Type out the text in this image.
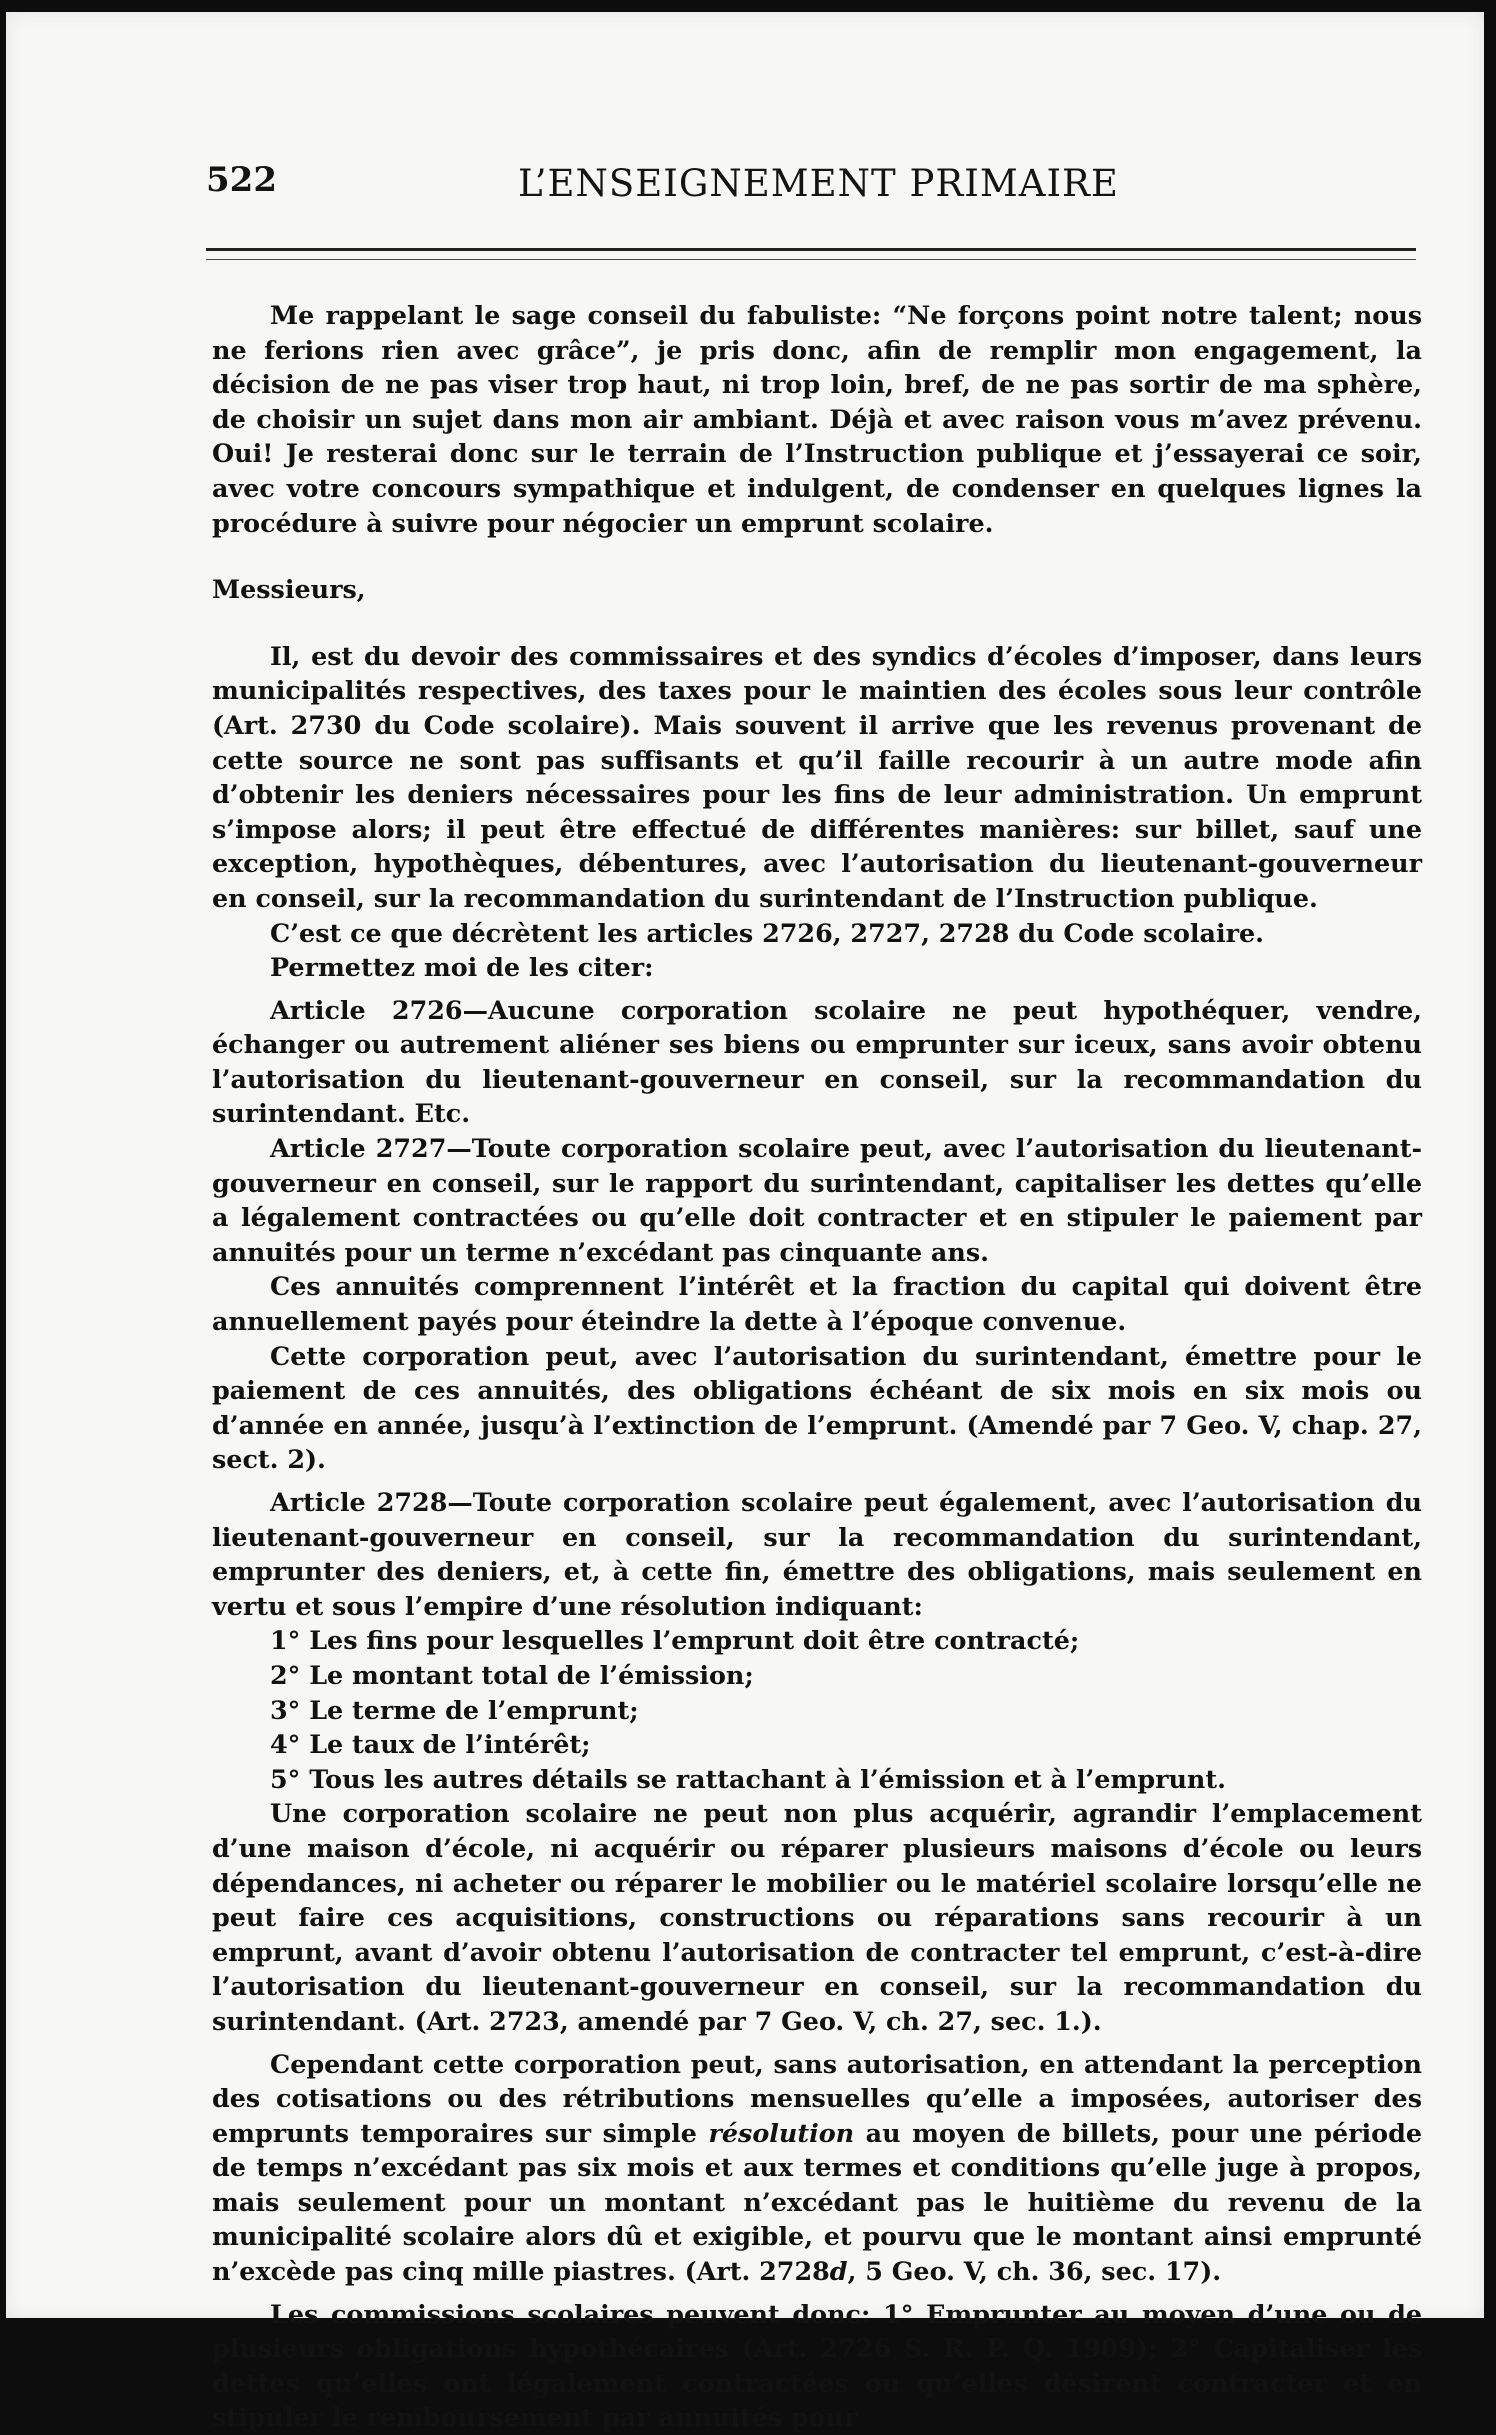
522	L’ENSEIGNEMENT PRIMAIRE

Me rappelant le sage conseil du fabuliste: “Ne forçons point notre talent; nous ne ferions rien avec grâce”, je pris donc, afin de remplir mon engagement, la décision de ne pas viser trop haut, ni trop loin, bref, de ne pas sortir de ma sphère, de choisir un sujet dans mon air ambiant. Déjà et avec raison vous m’avez prévenu. Oui! Je resterai donc sur le terrain de l’Instruction publique et j’essayerai ce soir, avec votre concours sympathique et indulgent, de condenser en quelques lignes la procédure à suivre pour négocier un emprunt scolaire.

Messieurs,

Il, est du devoir des commissaires et des syndics d’écoles d’imposer, dans leurs municipalités respectives, des taxes pour le maintien des écoles sous leur contrôle (Art. 2730 du Code scolaire). Mais souvent il arrive que les revenus provenant de cette source ne sont pas suffisants et qu’il faille recourir à un autre mode afin d’obtenir les deniers nécessaires pour les fins de leur administration. Un emprunt s’impose alors; il peut être effectué de différentes manières: sur billet, sauf une exception, hypothèques, débentures, avec l’autorisation du lieutenant-gouverneur en conseil, sur la recommandation du surintendant de l’Instruction publique.

C’est ce que décrètent les articles 2726, 2727, 2728 du Code scolaire.

Permettez moi de les citer:

Article 2726—Aucune corporation scolaire ne peut hypothéquer, vendre, échanger ou autrement aliéner ses biens ou emprunter sur iceux, sans avoir obtenu l’autorisation du lieutenant-gouverneur en conseil, sur la recommandation du surintendant. Etc.

Article 2727—Toute corporation scolaire peut, avec l’autorisation du lieutenant-gouverneur en conseil, sur le rapport du surintendant, capitaliser les dettes qu’elle a légalement contractées ou qu’elle doit contracter et en stipuler le paiement par annuités pour un terme n’excédant pas cinquante ans.

Ces annuités comprennent l’intérêt et la fraction du capital qui doivent être annuellement payés pour éteindre la dette à l’époque convenue.

Cette corporation peut, avec l’autorisation du surintendant, émettre pour le paiement de ces annuités, des obligations échéant de six mois en six mois ou d’année en année, jusqu’à l’extinction de l’emprunt. (Amendé par 7 Geo. V, chap. 27, sect. 2).

Article 2728—Toute corporation scolaire peut également, avec l’autorisation du lieutenant-gouverneur en conseil, sur la recommandation du surintendant, emprunter des deniers, et, à cette fin, émettre des obligations, mais seulement en vertu et sous l’empire d’une résolution indiquant:

1° Les fins pour lesquelles l’emprunt doit être contracté;
2° Le montant total de l’émission;
3° Le terme de l’emprunt;
4° Le taux de l’intérêt;
5° Tous les autres détails se rattachant à l’émission et à l’emprunt.

Une corporation scolaire ne peut non plus acquérir, agrandir l’emplacement d’une maison d’école, ni acquérir ou réparer plusieurs maisons d’école ou leurs dépendances, ni acheter ou réparer le mobilier ou le matériel scolaire lorsqu’elle ne peut faire ces acquisitions, constructions ou réparations sans recourir à un emprunt, avant d’avoir obtenu l’autorisation de contracter tel emprunt, c’est-à-dire l’autorisation du lieutenant-gouverneur en conseil, sur la recommandation du surintendant. (Art. 2723, amendé par 7 Geo. V, ch. 27, sec. 1.).

Cependant cette corporation peut, sans autorisation, en attendant la perception des cotisations ou des rétributions mensuelles qu’elle a imposées, autoriser des emprunts temporaires sur simple résolution au moyen de billets, pour une période de temps n’excédant pas six mois et aux termes et conditions qu’elle juge à propos, mais seulement pour un montant n’excédant pas le huitième du revenu de la municipalité scolaire alors dû et exigible, et pourvu que le montant ainsi emprunté n’excède pas cinq mille piastres. (Art. 2728d, 5 Geo. V, ch. 36, sec. 17).

Les commissions scolaires peuvent donc: 1° Emprunter au moyen d’une ou de plusieurs obligations hypothécaires (Art. 2726 S. R. P. Q. 1909); 2° Capitaliser les dettes qu’elles ont légalement contractées ou qu’elles désirent contracter et en stipuler le remboursement par annuités pour
